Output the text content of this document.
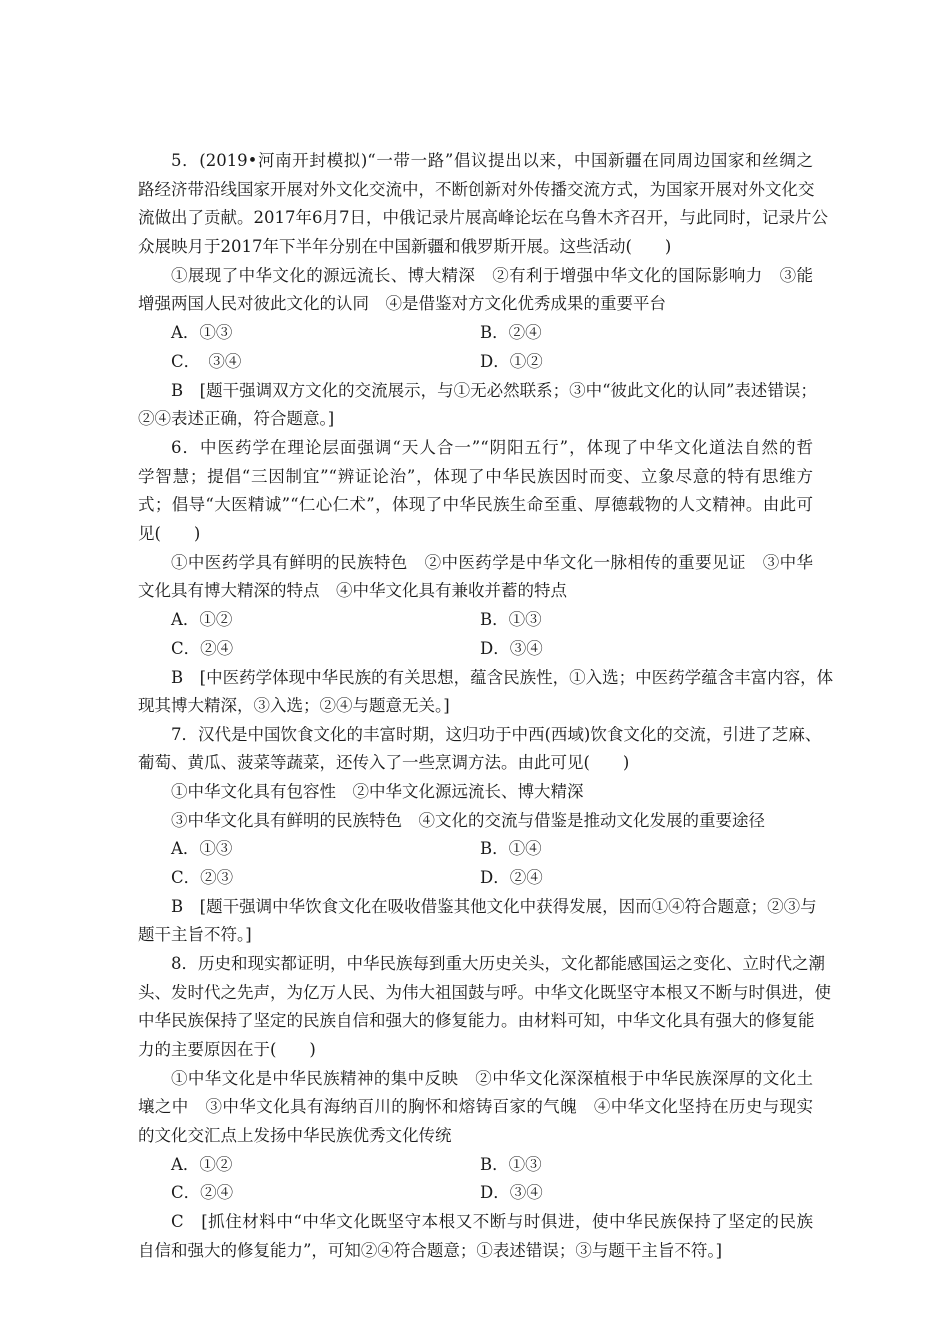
5．(2019•河南开封模拟)“一带一路”倡议提出以来，中国新疆在同周边国家和丝绸之
路经济带沿线国家开展对外文化交流中，不断创新对外传播交流方式，为国家开展对外文化交
流做出了贡献。2017年6月7日，中俄记录片展高峰论坛在乌鲁木齐召开，与此同时，记录片公
众展映月于2017年下半年分别在中国新疆和俄罗斯开展。这些活动(　　)
①展现了中华文化的源远流长、博大精深　②有利于增强中华文化的国际影响力　③能
增强两国人民对彼此文化的认同　④是借鉴对方文化优秀成果的重要平台
A．①③	B．②④
C．　③④	D．①②
B　[题干强调双方文化的交流展示，与①无必然联系；③中“彼此文化的认同”表述错误；
②④表述正确，符合题意。]
6．中医药学在理论层面强调“天人合一”“阴阳五行”，体现了中华文化道法自然的哲
学智慧；提倡“三因制宜”“辨证论治”，体现了中华民族因时而变、立象尽意的特有思维方
式；倡导“大医精诚”“仁心仁术”，体现了中华民族生命至重、厚德载物的人文精神。由此可
见(　　)
①中医药学具有鲜明的民族特色　②中医药学是中华文化一脉相传的重要见证　③中华
文化具有博大精深的特点　④中华文化具有兼收并蓄的特点
A．①②	B．①③
C．②④	D．③④
B　[中医药学体现中华民族的有关思想，蕴含民族性，①入选；中医药学蕴含丰富内容，体
现其博大精深，③入选；②④与题意无关。]
7．汉代是中国饮食文化的丰富时期，这归功于中西(西域)饮食文化的交流，引进了芝麻、
葡萄、黄瓜、菠菜等蔬菜，还传入了一些烹调方法。由此可见(　　)
①中华文化具有包容性　②中华文化源远流长、博大精深
③中华文化具有鲜明的民族特色　④文化的交流与借鉴是推动文化发展的重要途径
A．①③	B．①④
C．②③	D．②④
B　[题干强调中华饮食文化在吸收借鉴其他文化中获得发展，因而①④符合题意；②③与
题干主旨不符。]
8．历史和现实都证明，中华民族每到重大历史关头，文化都能感国运之变化、立时代之潮
头、发时代之先声，为亿万人民、为伟大祖国鼓与呼。中华文化既坚守本根又不断与时俱进，使
中华民族保持了坚定的民族自信和强大的修复能力。由材料可知，中华文化具有强大的修复能
力的主要原因在于(　　)
①中华文化是中华民族精神的集中反映　②中华文化深深植根于中华民族深厚的文化土
壤之中　③中华文化具有海纳百川的胸怀和熔铸百家的气魄　④中华文化坚持在历史与现实
的文化交汇点上发扬中华民族优秀文化传统
A．①②	B．①③
C．②④	D．③④
C　[抓住材料中“中华文化既坚守本根又不断与时俱进，使中华民族保持了坚定的民族
自信和强大的修复能力”，可知②④符合题意；①表述错误；③与题干主旨不符。]
